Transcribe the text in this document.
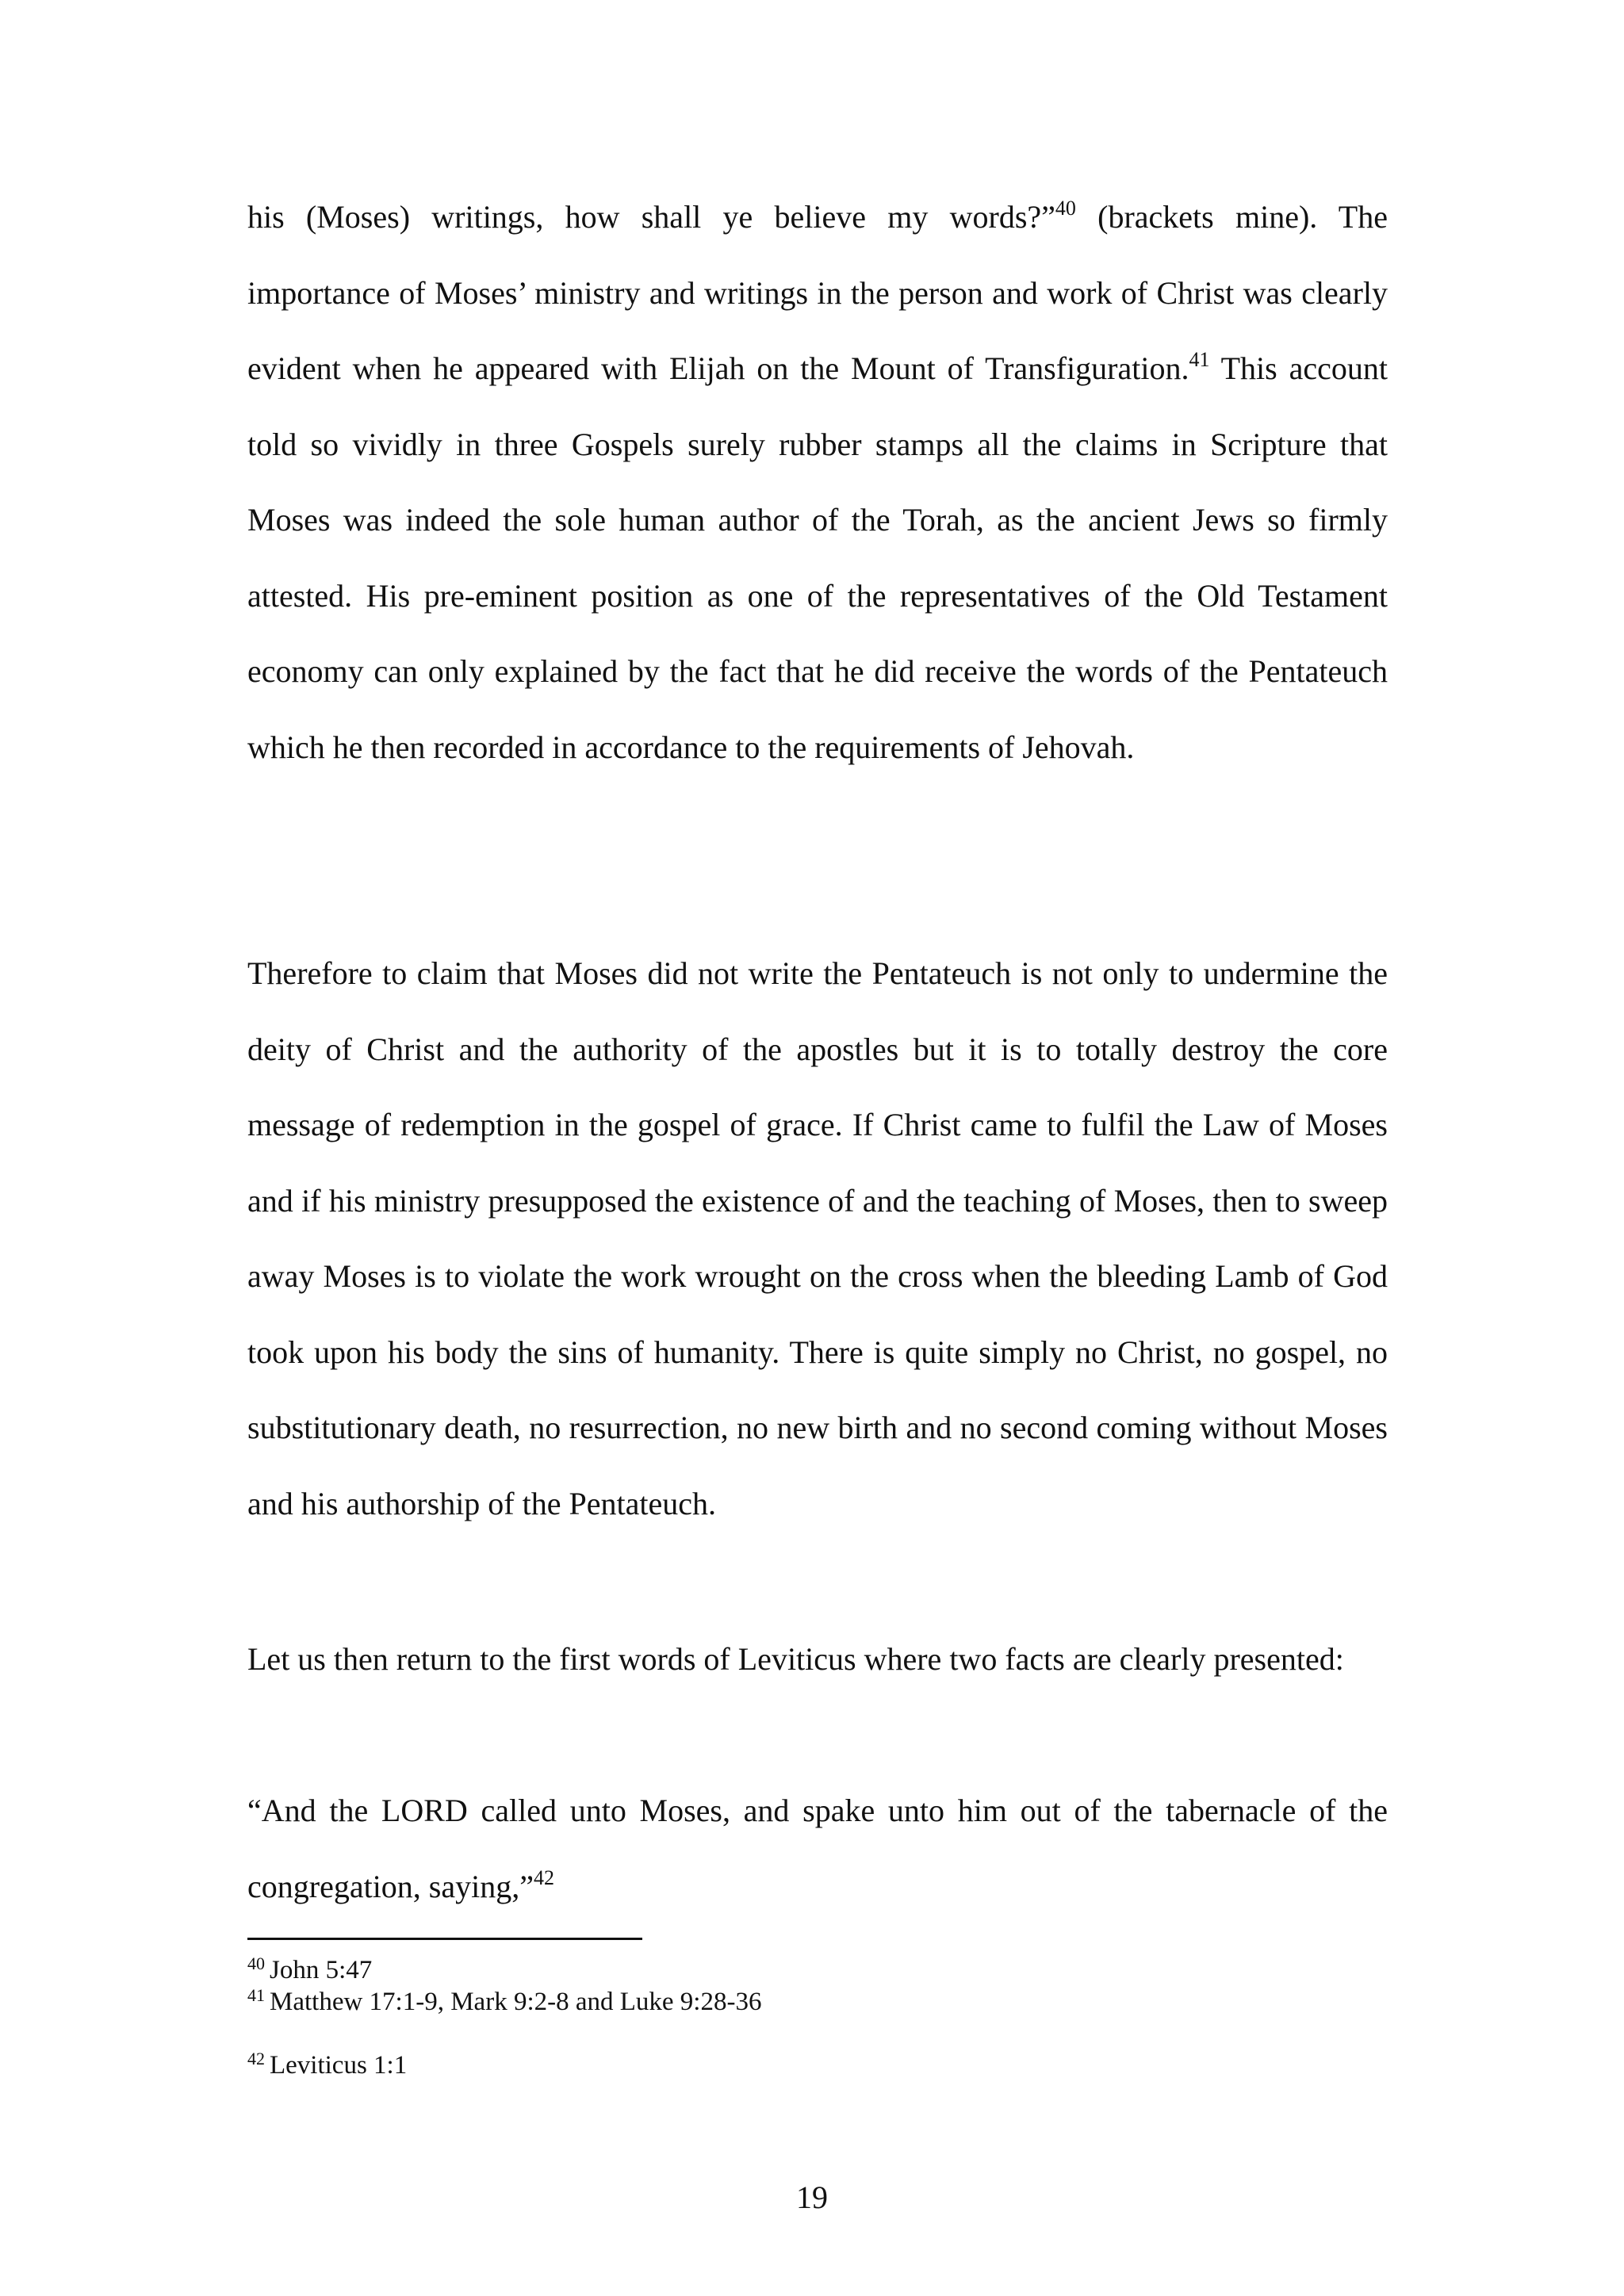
his (Moses) writings, how shall ye believe my words?”$^{40}$ (brackets mine). The importance of Moses’ ministry and writings in the person and work of Christ was clearly evident when he appeared with Elijah on the Mount of Transfiguration.$^{41}$ This account told so vividly in three Gospels surely rubber stamps all the claims in Scripture that Moses was indeed the sole human author of the Torah, as the ancient Jews so firmly attested. His pre-eminent position as one of the representatives of the Old Testament economy can only explained by the fact that he did receive the words of the Pentateuch which he then recorded in accordance to the requirements of Jehovah.

Therefore to claim that Moses did not write the Pentateuch is not only to undermine the deity of Christ and the authority of the apostles but it is to totally destroy the core message of redemption in the gospel of grace. If Christ came to fulfil the Law of Moses and if his ministry presupposed the existence of and the teaching of Moses, then to sweep away Moses is to violate the work wrought on the cross when the bleeding Lamb of God took upon his body the sins of humanity. There is quite simply no Christ, no gospel, no substitutionary death, no resurrection, no new birth and no second coming without Moses and his authorship of the Pentateuch.

Let us then return to the first words of Leviticus where two facts are clearly presented:

“And the LORD called unto Moses, and spake unto him out of the tabernacle of the congregation, saying,”$^{42}$

$^{40}$ John 5:47

$^{41}$ Matthew 17:1-9, Mark 9:2-8 and Luke 9:28-36

$^{42}$ Leviticus 1:1

19
